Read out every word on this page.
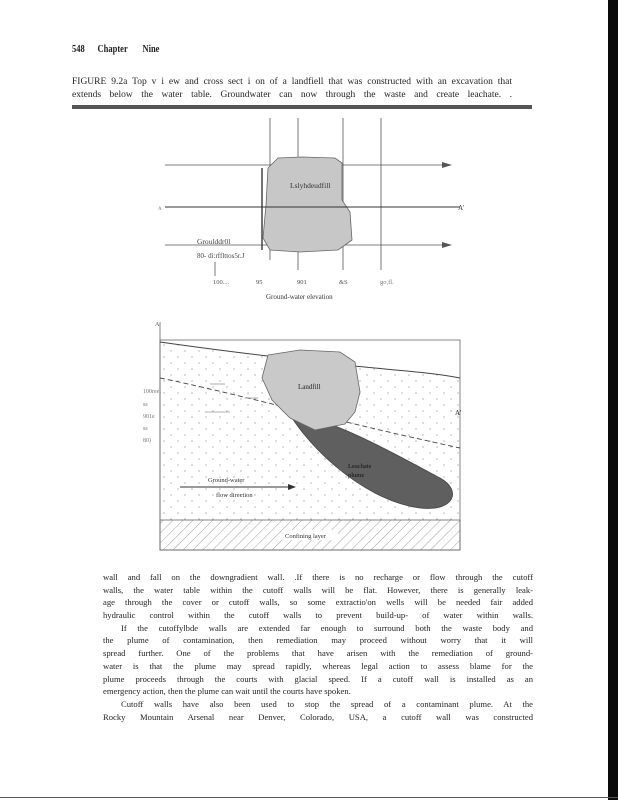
548 Chapter Nine
FIGURE 9.2a Top v i ew and cross sect i on of a landfiell that was constructed with an excavation that
extends below the water table. Groundwater can now through the waste and create leachate. .
Lslyhdeudfill
A'
A
Groulddr0l
80- di:rfflttos5r.J
100....	95	901	&S	go,fl.
Ground-water elevation
A
Landfill
Leachate
plume
A'
100reet
ss
901e
ss
80)
Ground-water
flow direction
Confining layer
wall and fall on the downgradient wall. .If there is no recharge or flow through the cutoff
walls, the water table within the cutoff walls will be flat. However, there is generally leak-
age through the cover or cutoff walls, so some extractio'on wells will be needed fair added
hydraulic control within the cutoff walls to prevent build-up- of water within walls.
If the cutoffylbde walls are extended far enough to surround both the waste body and
the plume of contamination, then remediation may proceed without worry that it will
spread further. One of the problems that have arisen with the remediation of ground-
water is that the plume may spread rapidly, whereas legal action to assess blame for the
plume proceeds through the courts with glacial speed. If a cutoff wall is installed as an
emergency action, then the plume can wait until the courts have spoken.
Cutoff walls have also been used to stop the spread of a contaminant plume. At the
Rocky Mountain Arsenal near Denver, Colorado, USA, a cutoff wall was constructed
